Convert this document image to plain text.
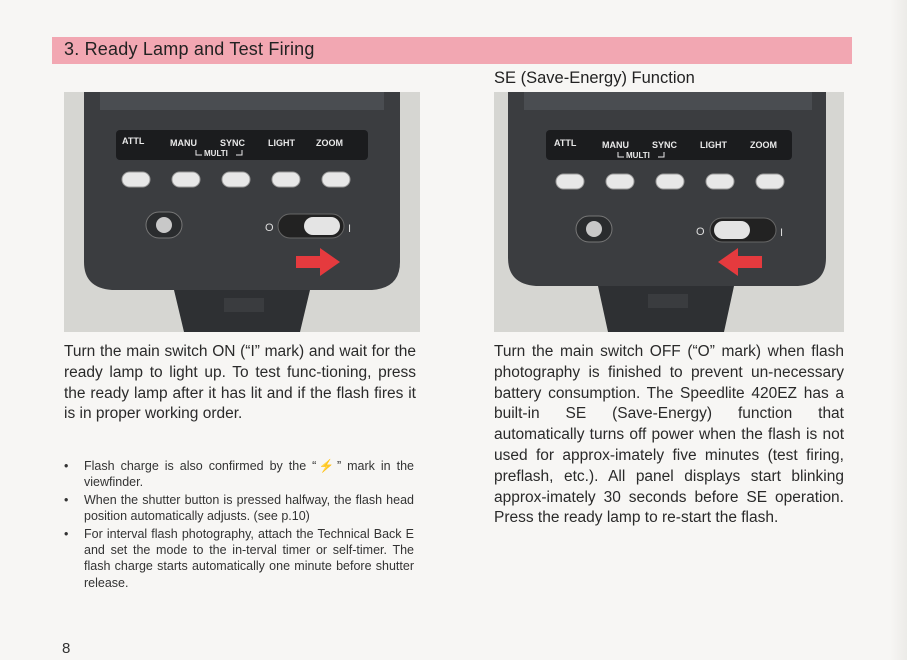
3. Ready Lamp and Test Firing
SE (Save-Energy) Function
ATTL	MANU	SYNC	LIGHT ZOOM
MULTI
O	I
ATTL	MANU	SYNC	LIGHT	ZOOM
MULTI
O	I

Turn the main switch ON (“I” mark) and wait for the ready lamp to light up. To test func-tioning, press the ready lamp after it has lit and if the flash fires it is in proper working order.

• Flash charge is also confirmed by the “⚡” mark in the viewfinder.
• When the shutter button is pressed halfway, the flash head position automatically adjusts. (see p.10)
• For interval flash photography, attach the Technical Back E and set the mode to the in-terval timer or self-timer. The flash charge starts automatically one minute before shutter release.

Turn the main switch OFF (“O” mark) when flash photography is finished to prevent un-necessary battery consumption. The Speedlite 420EZ has a built-in SE (Save-Energy) function that automatically turns off power when the flash is not used for approx-imately five minutes (test firing, preflash, etc.). All panel displays start blinking approx-imately 30 seconds before SE operation. Press the ready lamp to re-start the flash.

8
